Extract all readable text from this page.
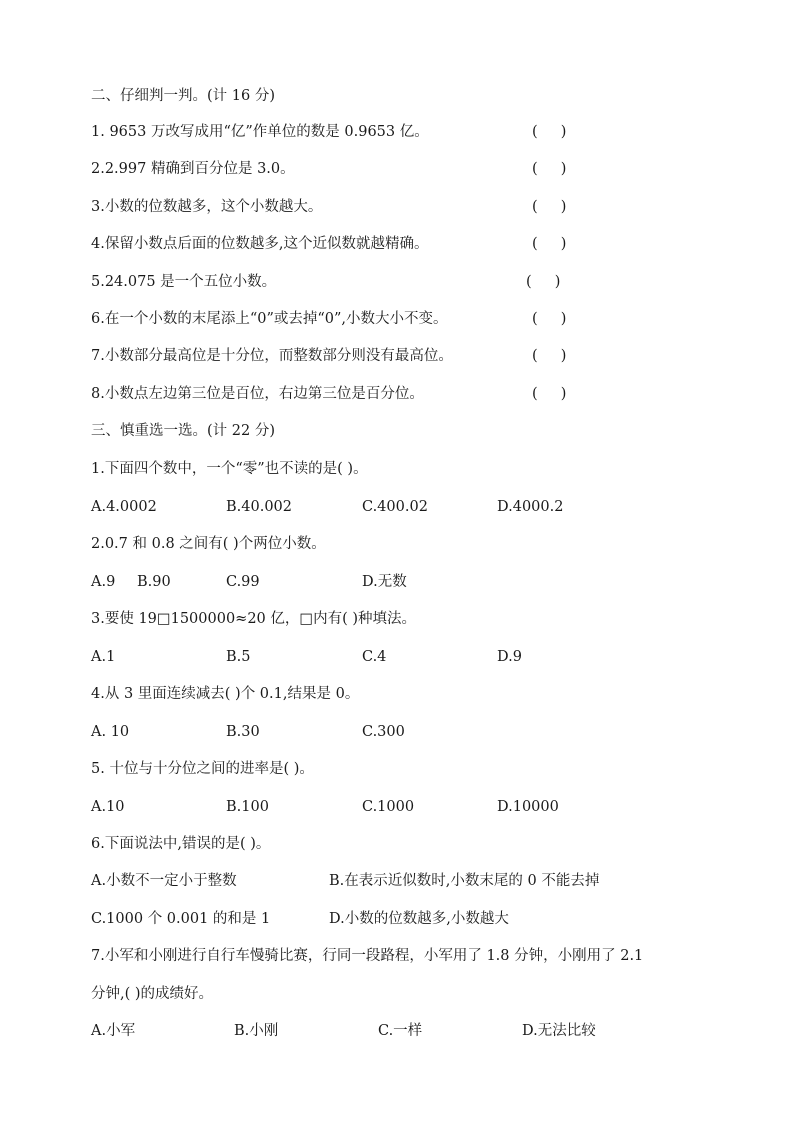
二、仔细判一判。(计 16 分)
1. 9653 万改写成用“亿”作单位的数是 0.9653 亿。	(     )
2.2.997 精确到百分位是 3.0。	(     )
3.小数的位数越多，这个小数越大。	(     )
4.保留小数点后面的位数越多,这个近似数就越精确。	(     )
5.24.075 是一个五位小数。	(     )
6.在一个小数的末尾添上“0”或去掉“0”,小数大小不变。	(     )
7.小数部分最高位是十分位，而整数部分则没有最高位。	(     )
8.小数点左边第三位是百位，右边第三位是百分位。	(     )
三、慎重选一选。(计 22 分)
1.下面四个数中，一个“零”也不读的是( )。
A.4.0002	B.40.002	C.400.02	D.4000.2
2.0.7 和 0.8 之间有( )个两位小数。
A.9 B.90	C.99	D.无数
3.要使 19□1500000≈20 亿，□内有( )种填法。
A.1	B.5	C.4	D.9
4.从 3 里面连续减去( )个 0.1,结果是 0。
A. 10	B.30	C.300
5. 十位与十分位之间的进率是( )。
A.10	B.100	C.1000	D.10000
6.下面说法中,错误的是( )。
A.小数不一定小于整数	B.在表示近似数时,小数末尾的 0 不能去掉
C.1000 个 0.001 的和是 1	D.小数的位数越多,小数越大
7.小军和小刚进行自行车慢骑比赛，行同一段路程，小军用了 1.8 分钟，小刚用了 2.1
分钟,( )的成绩好。
A.小军	B.小刚	C.一样	D.无法比较
